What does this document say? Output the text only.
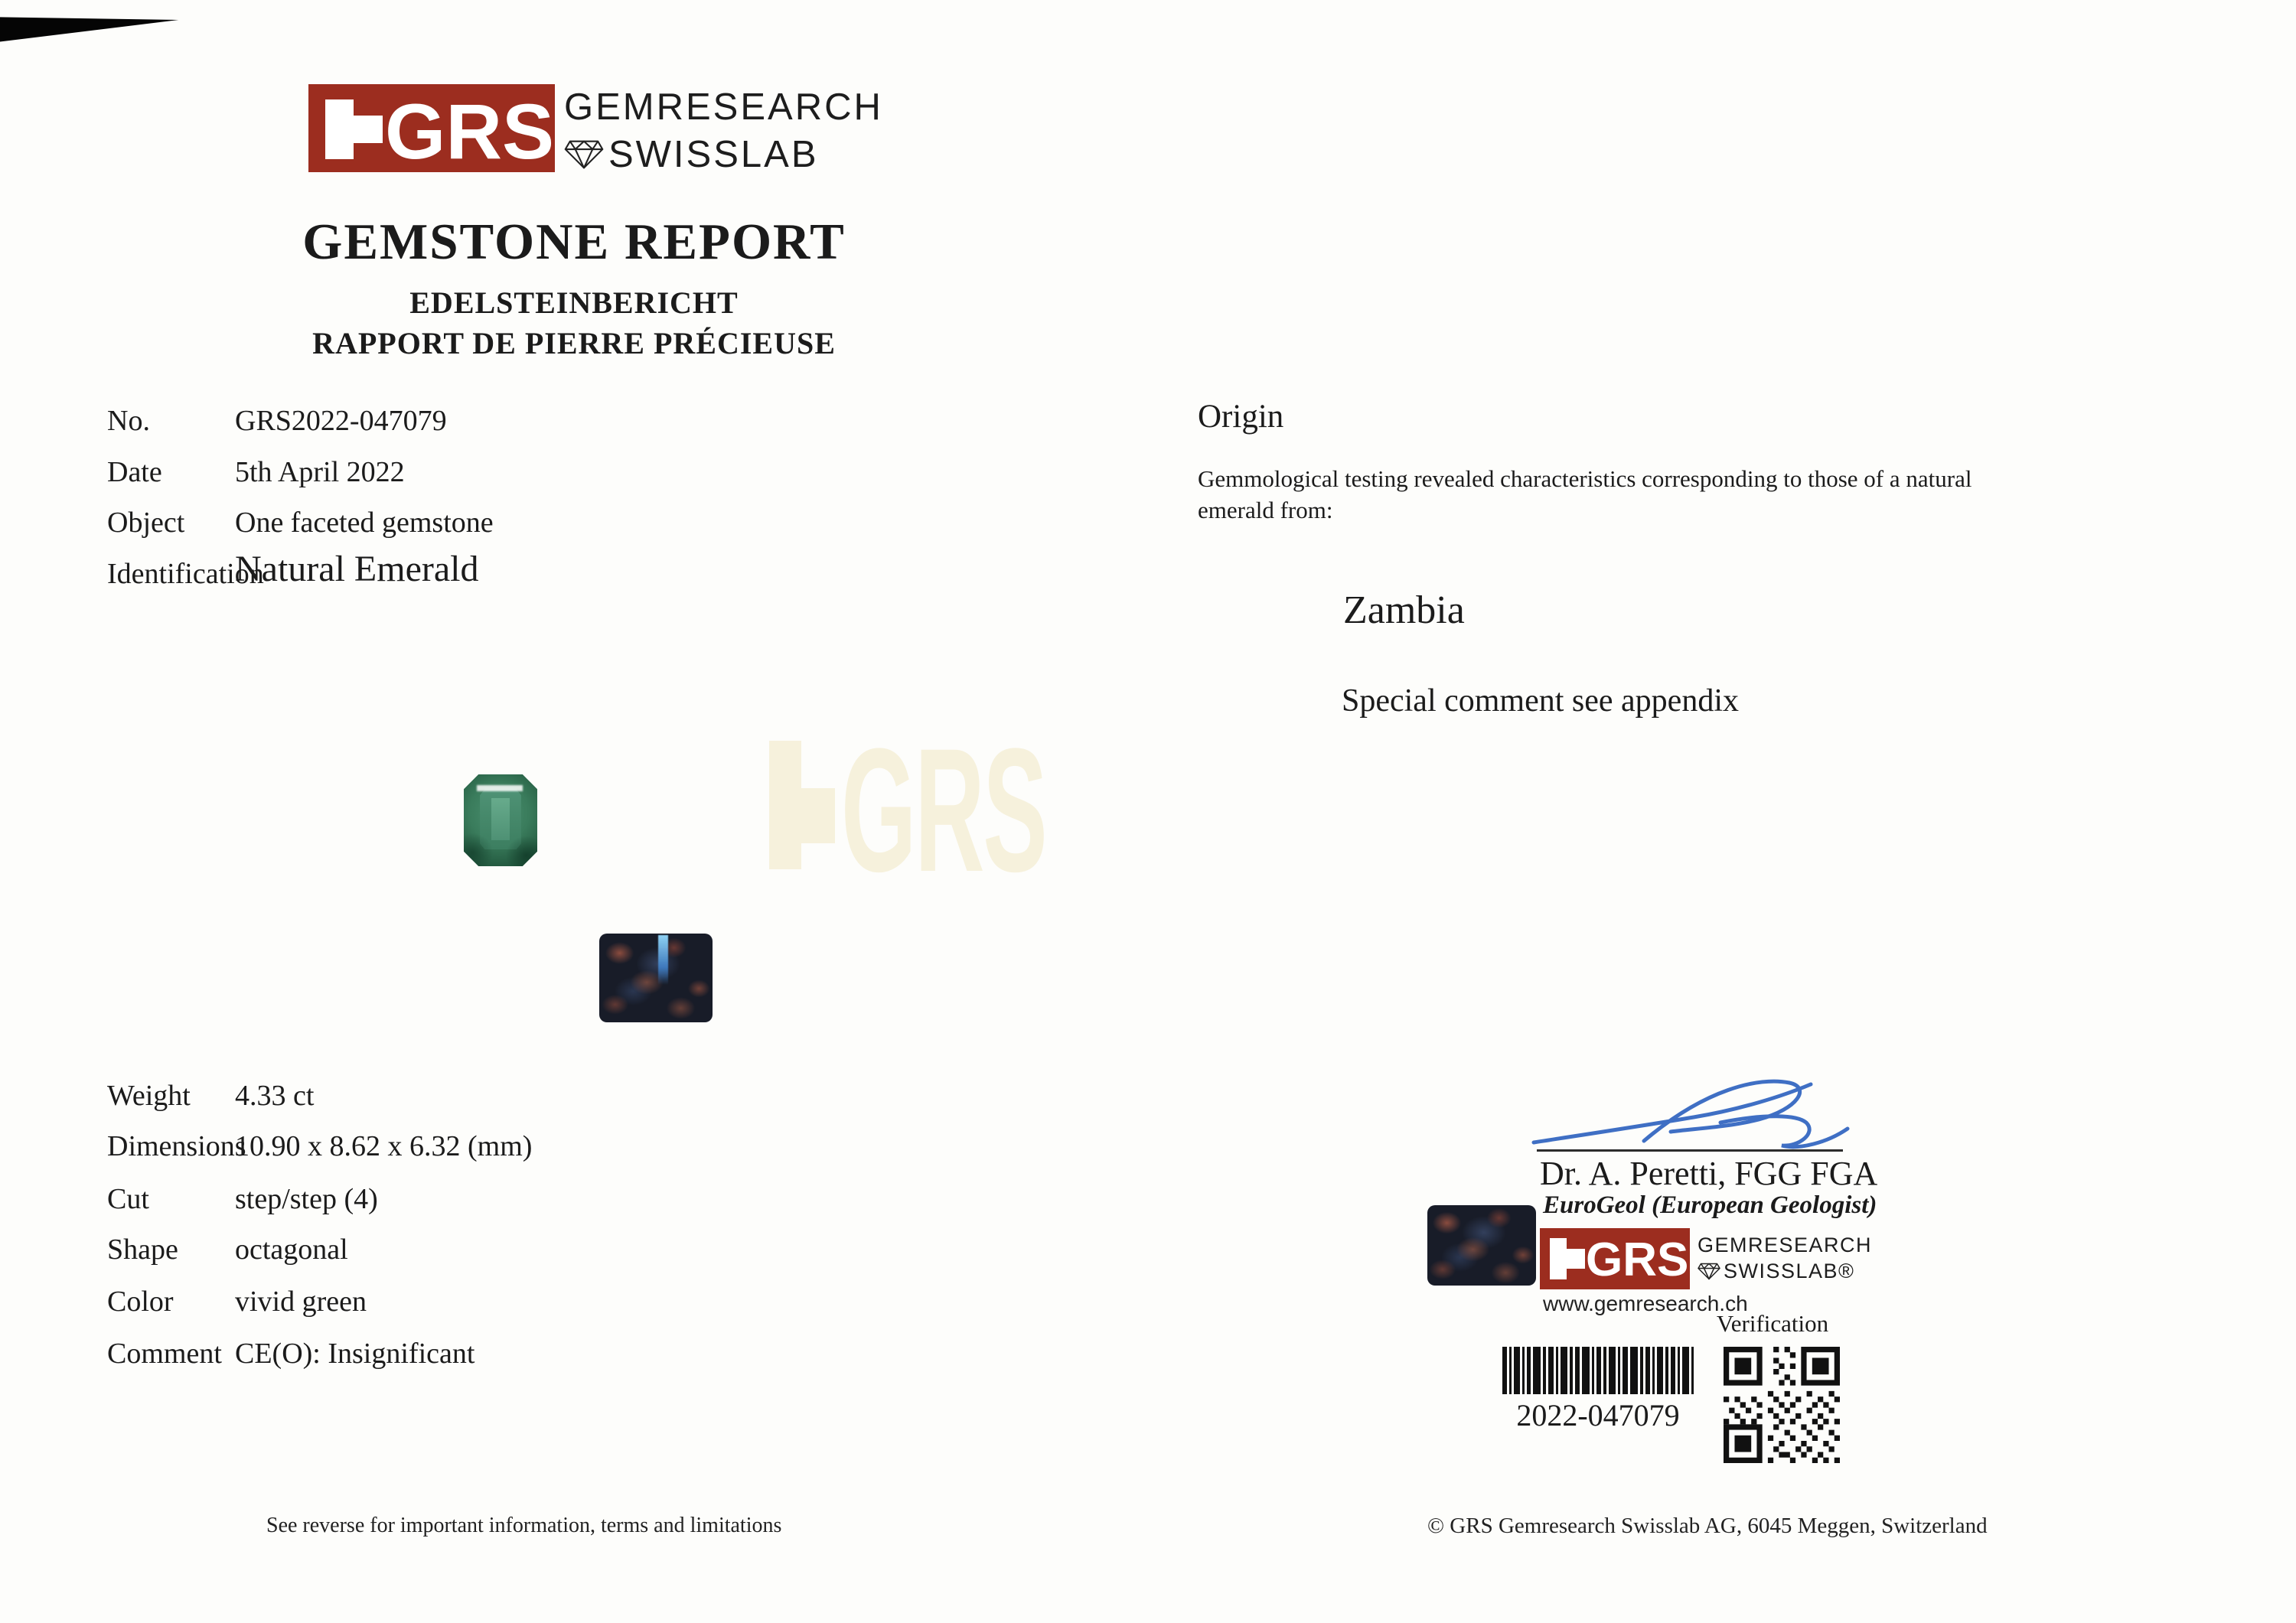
GRS GEMRESEARCH
SWISSLAB
GEMSTONE REPORT
EDELSTEINBERICHT
RAPPORT DE PIERRE PRÉCIEUSE
No.	GRS2022-047079
Date	5th April 2022
Object One faceted gemstone
Identification
Natural Emerald
Origin
Gemmological testing revealed characteristics corresponding to those of a natural emerald from:
Zambia
Special comment see appendix
GRS
Dr. A. Peretti, FGG FGA
EuroGeol (European Geologist)
GRS GEMRESEARCH
SWISSLAB®
www.gemresearch.ch
Verification
2022-047079
Weight 4.33 ct
Dimensions
10.90 x 8.62 x 6.32 (mm)
Cut	step/step (4)
Shape octagonal
Color vivid green
Comment CE(O): Insignificant
See reverse for important information, terms and limitations	© GRS Gemresearch Swisslab AG, 6045 Meggen, Switzerland
